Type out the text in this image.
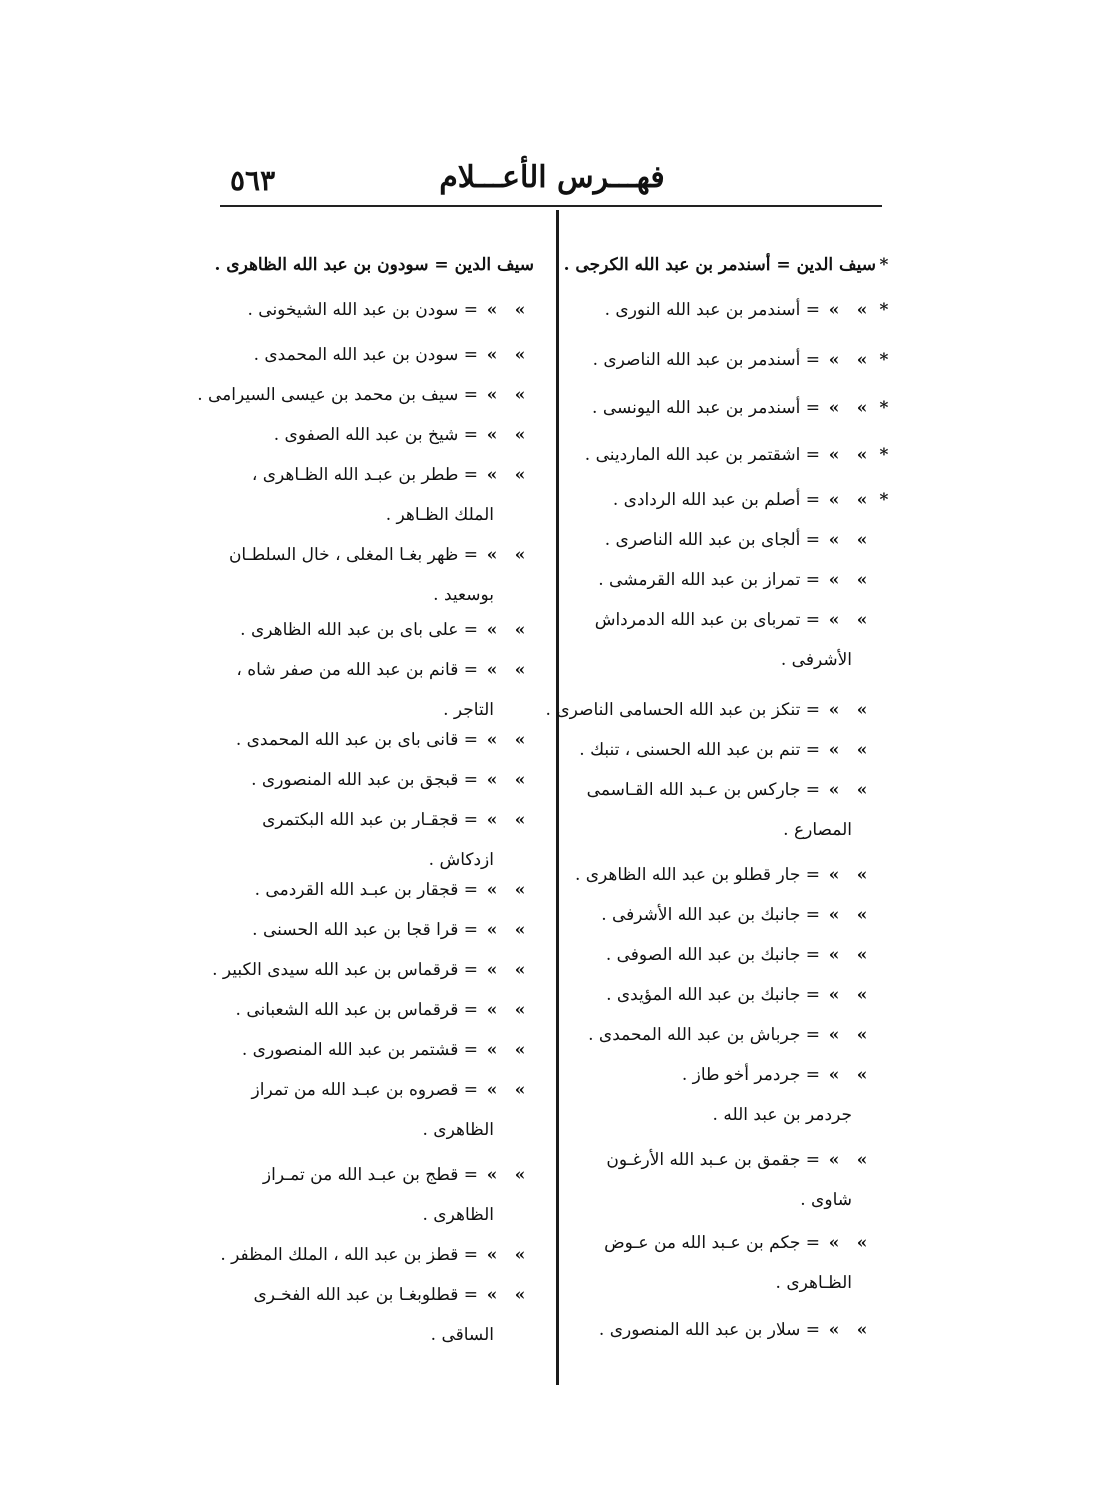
٥٦٣	فهـــرس الأعـــلام
*سيف الدين
= أسندمر بن عبد الله الكرجى .
*»»
= أسندمر بن عبد الله النورى .
*»»
= أسندمر بن عبد الله الناصرى .
*»»
= أسندمر بن عبد الله اليونسى .
*»»
= اشقتمر بن عبد الله الماردينى .
*»»
= أصلم بن عبد الله الردادى .
»»
= ألجاى بن عبد الله الناصرى .
»»
= تمراز بن عبد الله القرمشى .
»»
= تمرباى بن عبد الله الدمرداش
الأشرفى .
»»
= تنكز بن عبد الله الحسامى الناصرى .
»»
= تنم بن عبد الله الحسنى ، تنبك .
»»
= جاركس بن عـبد الله القـاسمى
المصارع .
»»
= جار قطلو بن عبد الله الظاهرى .
»»
= جانبك بن عبد الله الأشرفى .
»»
= جانبك بن عبد الله الصوفى .
»»
= جانبك بن عبد الله المؤيدى .
»»
= جرباش بن عبد الله المحمدى .
»»
= جردمر أخو طاز .
جردمر بن عبد الله .
»»
= جقمق بن عـبد الله الأرغـون
شاوى .
»»
= جكم بن عـبد الله من عـوض
الظـاهرى .
»»
= سلار بن عبد الله المنصورى .
سيف الدين
= سودون بن عبد الله الظاهرى .
»»
= سودن بن عبد الله الشيخونى .
»»
= سودن بن عبد الله المحمدى .
»»
= سيف بن محمد بن عيسى السيرامى .
»»
= شيخ بن عبد الله الصفوى .
»»
= ططر بن عبـد الله الظـاهرى ،
الملك الظـاهر .
»»
= ظهر بغـا المغلى ، خال السلطـان
بوسعيد .
»»
= على باى بن عبد الله الظاهرى .
»»
= قانم بن عبد الله من صفر شاه ،
التاجر .
»»
= قانى باى بن عبد الله المحمدى .
»»
= قبجق بن عبد الله المنصورى .
»»
= قجقـار بن عبد الله البكتمرى
ازدكاش .
»»
= قجقار بن عبـد الله القردمى .
»»
= قرا قجا بن عبد الله الحسنى .
»»
= قرقماس بن عبد الله سيدى الكبير .
»»
= قرقماس بن عبد الله الشعبانى .
»»
= قشتمر بن عبد الله المنصورى .
»»
= قصروه بن عبـد الله من تمراز
الظاهرى .
»»
= قطج بن عبـد الله من تمـراز
الظاهرى .
»»
= قطز بن عبد الله ، الملك المظفر .
»»
= قطلوبغـا بن عبد الله الفخـرى
الساقى .
